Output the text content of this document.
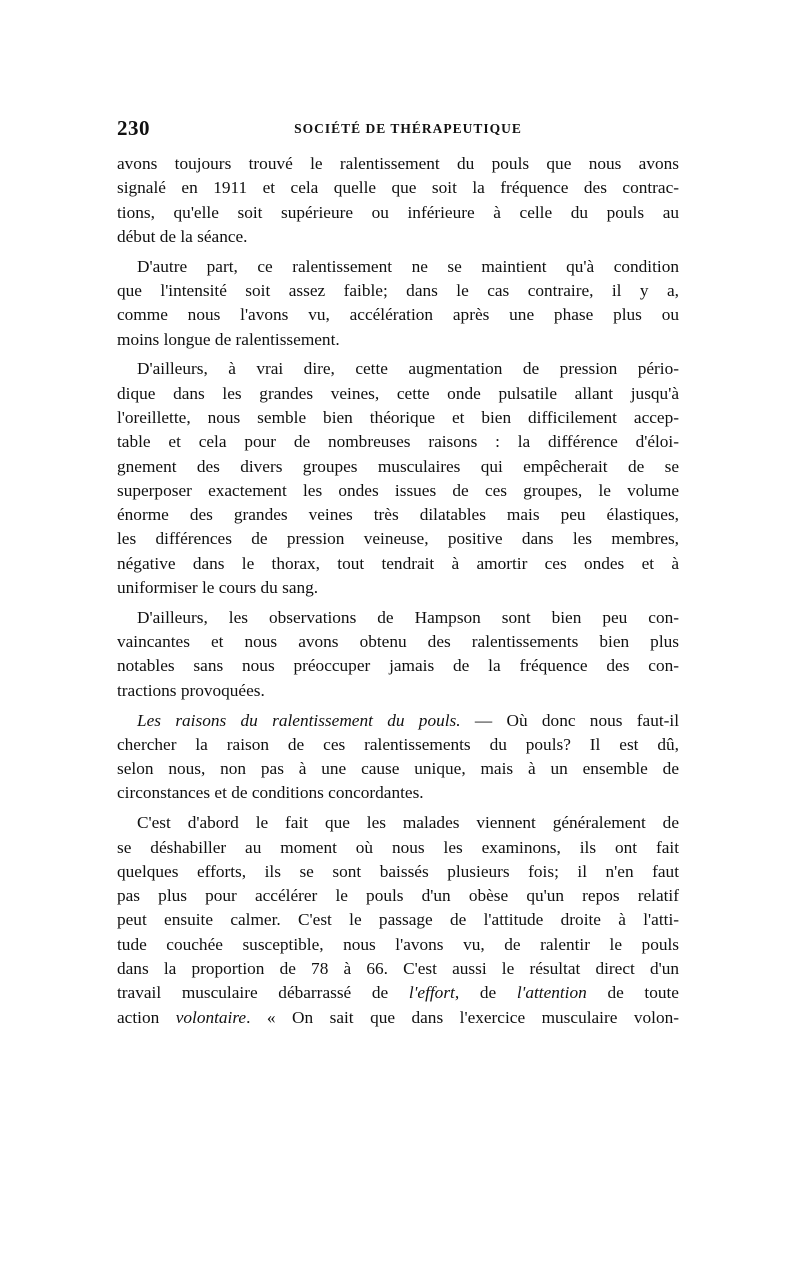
230	SOCIÉTÉ DE THÉRAPEUTIQUE
avons toujours trouvé le ralentissement du pouls que nous avons
signalé en 1911 et cela quelle que soit la fréquence des contrac-
tions, qu'elle soit supérieure ou inférieure à celle du pouls au
début de la séance.
D'autre part, ce ralentissement ne se maintient qu'à condition
que l'intensité soit assez faible; dans le cas contraire, il y a,
comme nous l'avons vu, accélération après une phase plus ou
moins longue de ralentissement.
D'ailleurs, à vrai dire, cette augmentation de pression pério-
dique dans les grandes veines, cette onde pulsatile allant jusqu'à
l'oreillette, nous semble bien théorique et bien difficilement accep-
table et cela pour de nombreuses raisons : la différence d'éloi-
gnement des divers groupes musculaires qui empêcherait de se
superposer exactement les ondes issues de ces groupes, le volume
énorme des grandes veines très dilatables mais peu élastiques,
les différences de pression veineuse, positive dans les membres,
négative dans le thorax, tout tendrait à amortir ces ondes et à
uniformiser le cours du sang.
D'ailleurs, les observations de Hampson sont bien peu con-
vaincantes et nous avons obtenu des ralentissements bien plus
notables sans nous préoccuper jamais de la fréquence des con-
tractions provoquées.
Les raisons du ralentissement du pouls. — Où donc nous faut-il
chercher la raison de ces ralentissements du pouls? Il est dû,
selon nous, non pas à une cause unique, mais à un ensemble de
circonstances et de conditions concordantes.
C'est d'abord le fait que les malades viennent généralement de
se déshabiller au moment où nous les examinons, ils ont fait
quelques efforts, ils se sont baissés plusieurs fois; il n'en faut
pas plus pour accélérer le pouls d'un obèse qu'un repos relatif
peut ensuite calmer. C'est le passage de l'attitude droite à l'atti-
tude couchée susceptible, nous l'avons vu, de ralentir le pouls
dans la proportion de 78 à 66. C'est aussi le résultat direct d'un
travail musculaire débarrassé de l'effort, de l'attention de toute
action volontaire. « On sait que dans l'exercice musculaire volon-
